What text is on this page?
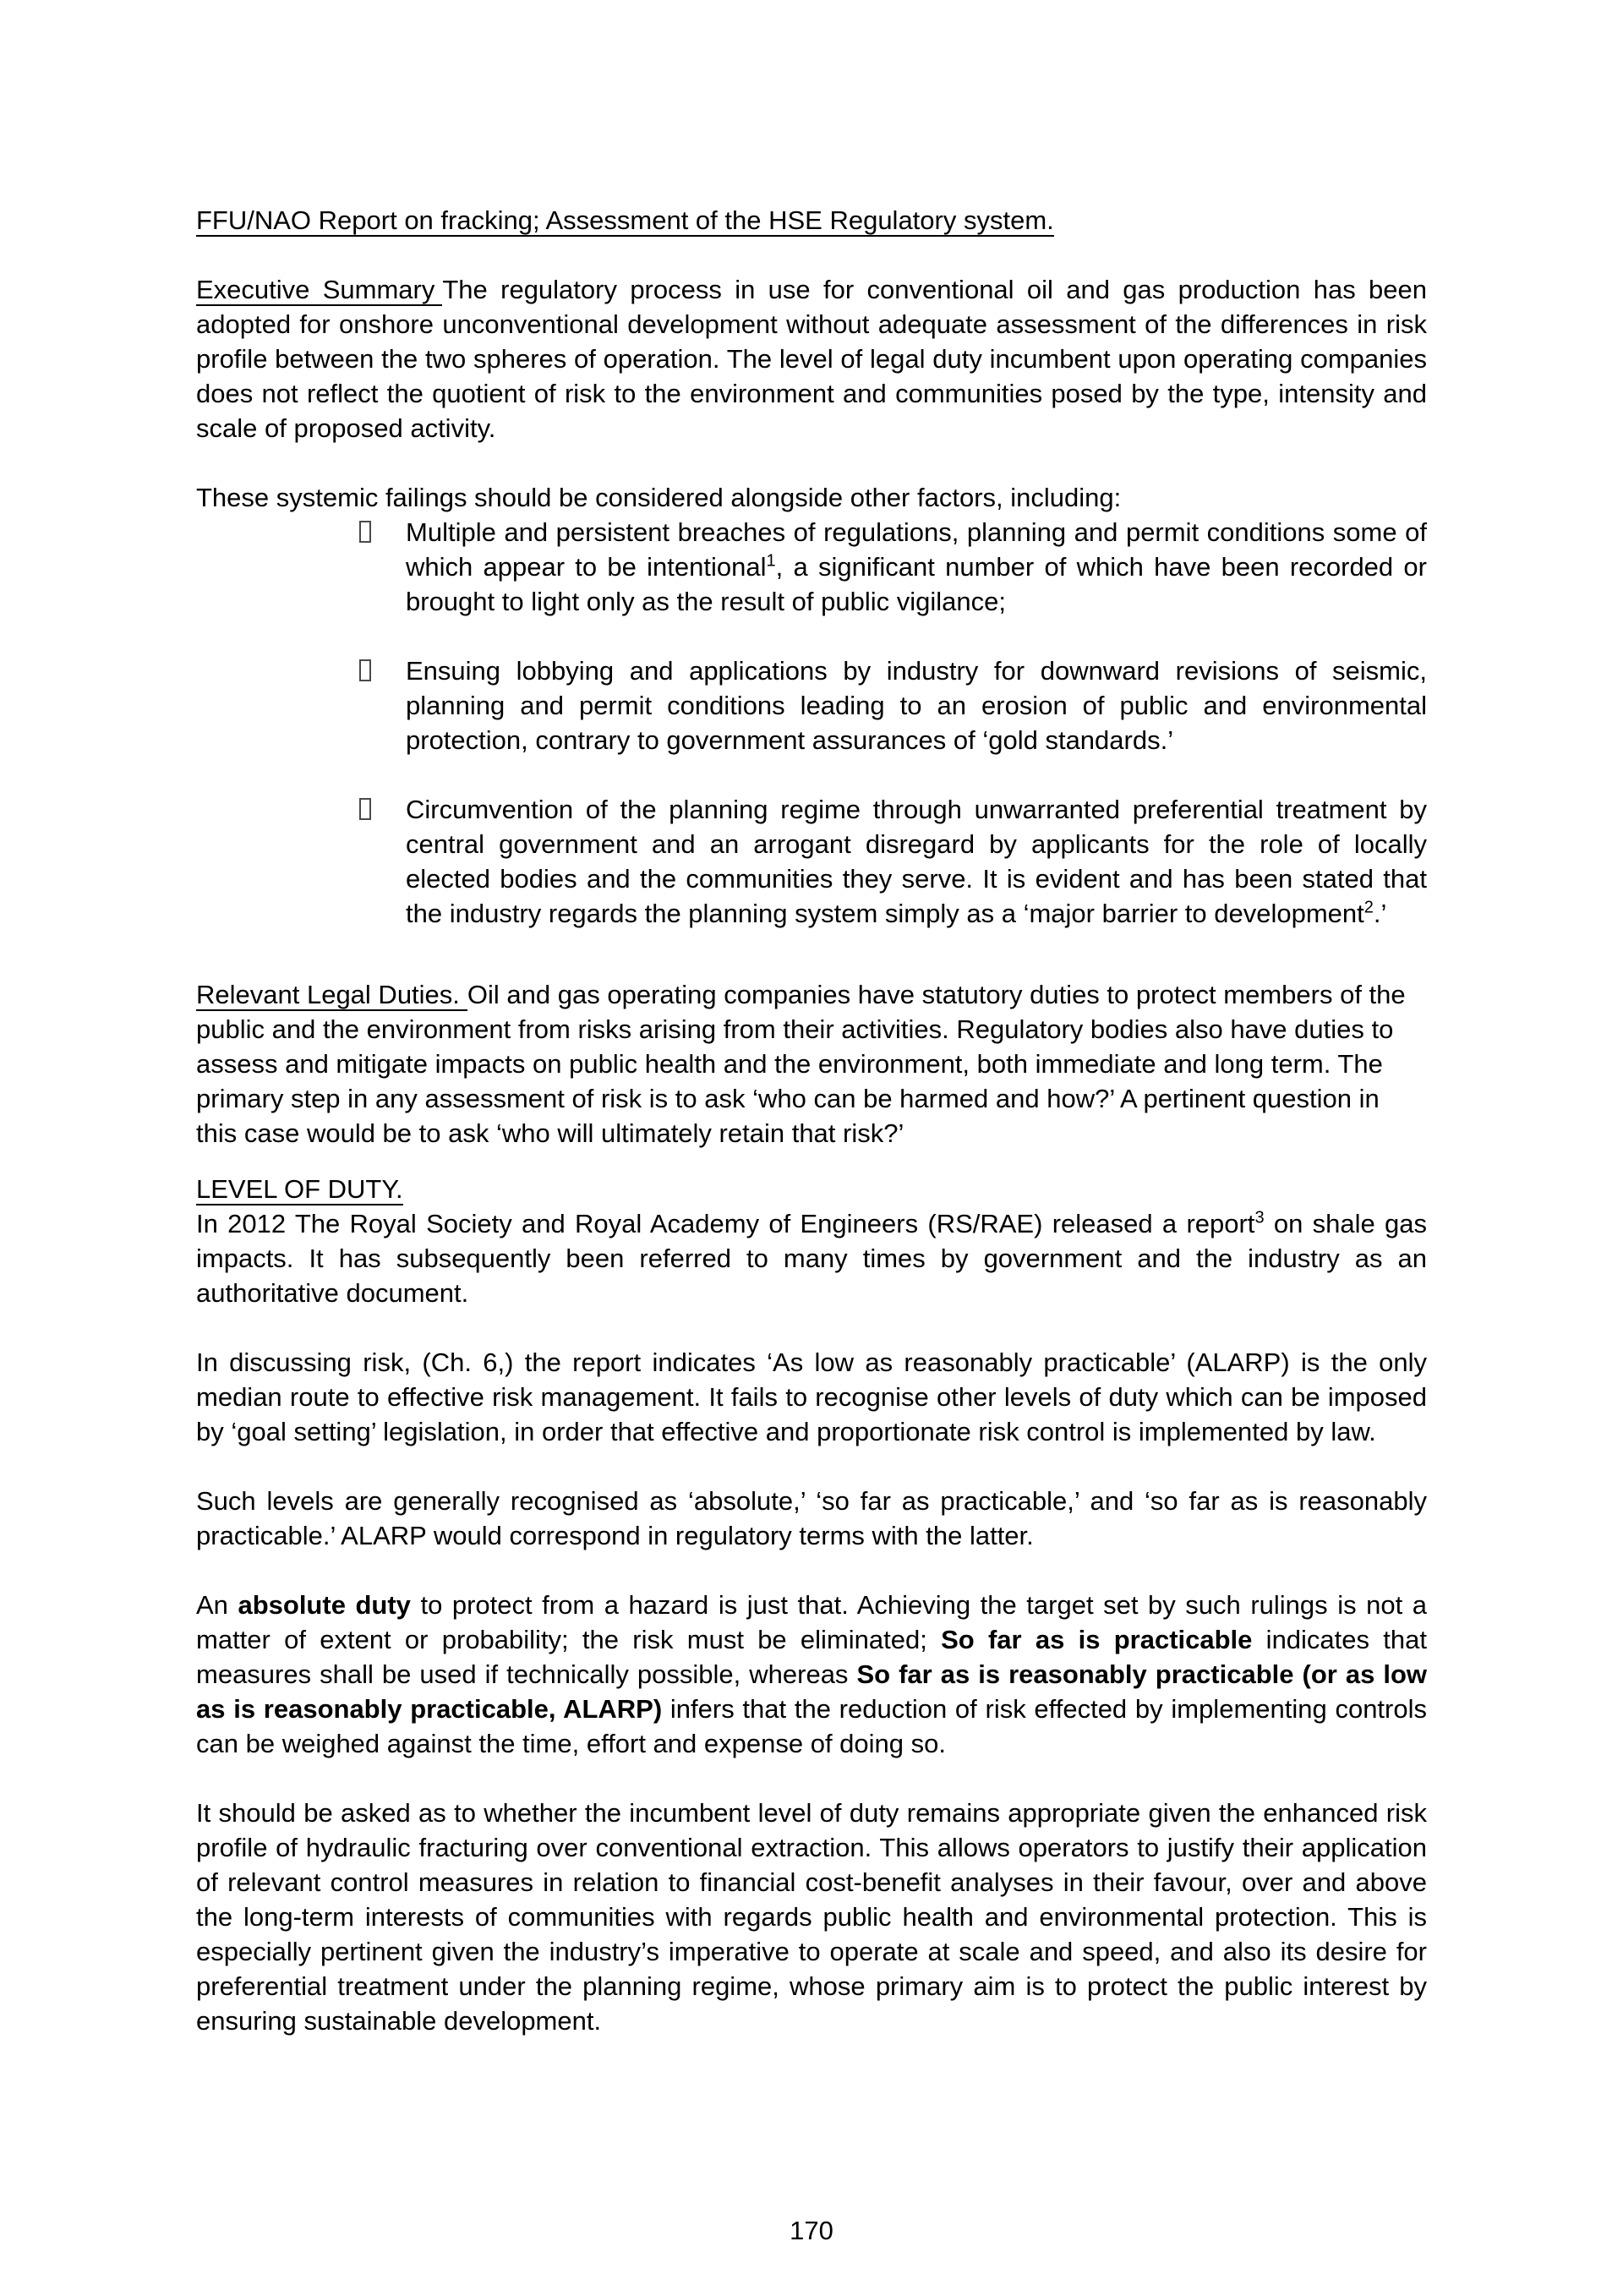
FFU/NAO Report on fracking; Assessment of the HSE Regulatory system.

Executive Summary The regulatory process in use for conventional oil and gas production has been adopted for onshore unconventional development without adequate assessment of the differences in risk profile between the two spheres of operation. The level of legal duty incumbent upon operating companies does not reflect the quotient of risk to the environment and communities posed by the type, intensity and scale of proposed activity.

These systemic failings should be considered alongside other factors, including:

Multiple and persistent breaches of regulations, planning and permit conditions some of which appear to be intentional$^1$, a significant number of which have been recorded or brought to light only as the result of public vigilance;
Ensuing lobbying and applications by industry for downward revisions of seismic, planning and permit conditions leading to an erosion of public and environmental protection, contrary to government assurances of ‘gold standards.’
Circumvention of the planning regime through unwarranted preferential treatment by central government and an arrogant disregard by applicants for the role of locally elected bodies and the communities they serve. It is evident and has been stated that the industry regards the planning system simply as a ‘major barrier to development$^2$.’

Relevant Legal Duties. Oil and gas operating companies have statutory duties to protect members of the public and the environment from risks arising from their activities. Regulatory bodies also have duties to assess and mitigate impacts on public health and the environment, both immediate and long term. The primary step in any assessment of risk is to ask ‘who can be harmed and how?’ A pertinent question in this case would be to ask ‘who will ultimately retain that risk?’

LEVEL OF DUTY.

In 2012 The Royal Society and Royal Academy of Engineers (RS/RAE) released a report$^3$ on shale gas impacts. It has subsequently been referred to many times by government and the industry as an authoritative document.

In discussing risk, (Ch. 6,) the report indicates ‘As low as reasonably practicable’ (ALARP) is the only median route to effective risk management. It fails to recognise other levels of duty which can be imposed by ‘goal setting’ legislation, in order that effective and proportionate risk control is implemented by law.

Such levels are generally recognised as ‘absolute,’ ‘so far as practicable,’ and ‘so far as is reasonably practicable.’ ALARP would correspond in regulatory terms with the latter.

An absolute duty to protect from a hazard is just that. Achieving the target set by such rulings is not a matter of extent or probability; the risk must be eliminated; So far as is practicable indicates that measures shall be used if technically possible, whereas So far as is reasonably practicable (or as low as is reasonably practicable, ALARP) infers that the reduction of risk effected by implementing controls can be weighed against the time, effort and expense of doing so.

It should be asked as to whether the incumbent level of duty remains appropriate given the enhanced risk profile of hydraulic fracturing over conventional extraction. This allows operators to justify their application of relevant control measures in relation to financial cost-benefit analyses in their favour, over and above the long-term interests of communities with regards public health and environmental protection. This is especially pertinent given the industry’s imperative to operate at scale and speed, and also its desire for preferential treatment under the planning regime, whose primary aim is to protect the public interest by ensuring sustainable development.

170
